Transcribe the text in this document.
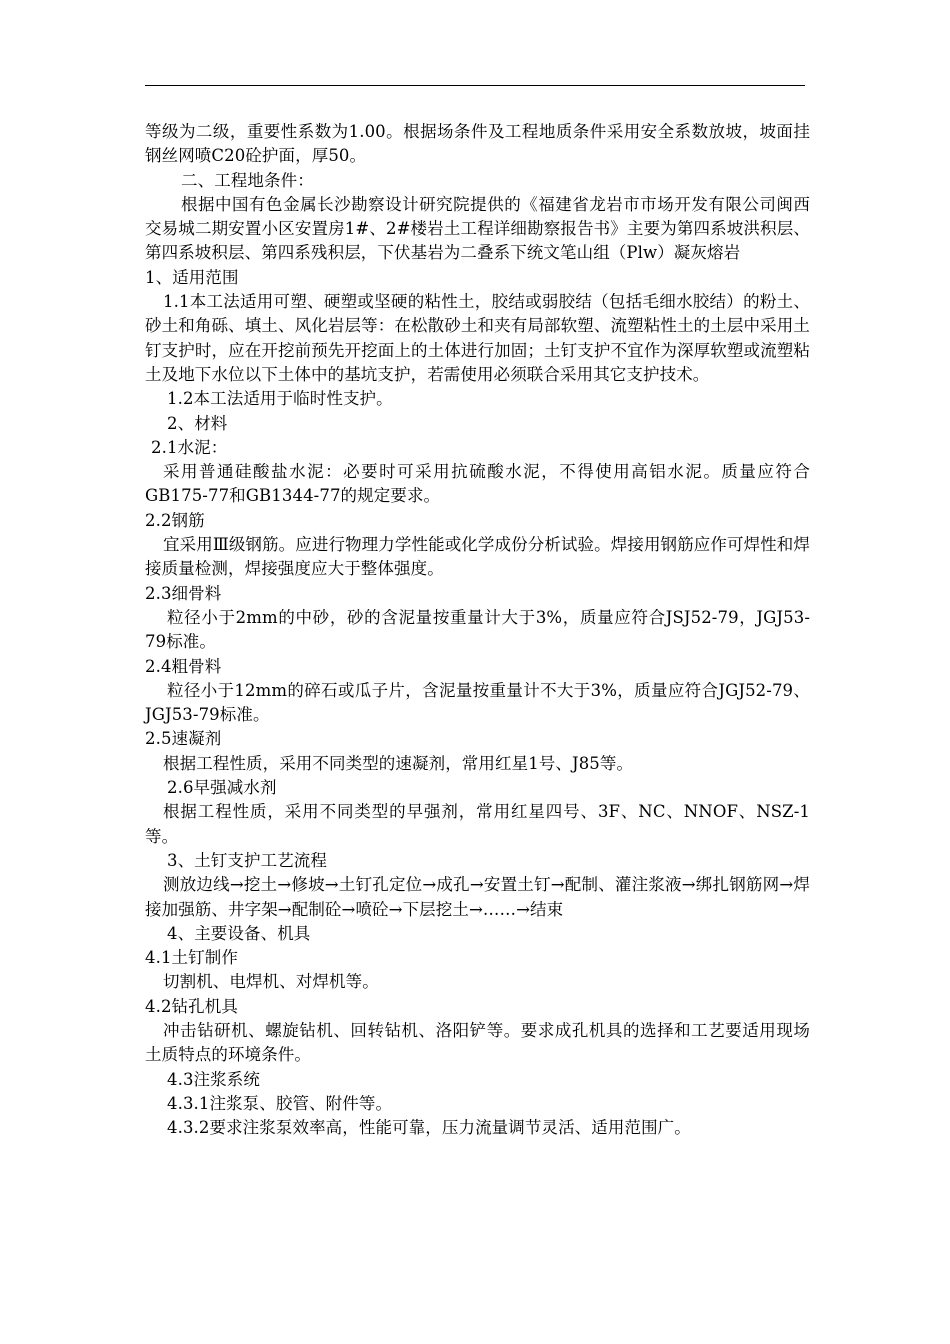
等级为二级，重要性系数为1.00。根据场条件及工程地质条件采用安全系数放坡，坡面挂钢丝网喷C20砼护面，厚50。

二、工程地条件：

根据中国有色金属长沙勘察设计研究院提供的《福建省龙岩市市场开发有限公司闽西交易城二期安置小区安置房1#、2#楼岩土工程详细勘察报告书》主要为第四系坡洪积层、第四系坡积层、第四系残积层，下伏基岩为二叠系下统文笔山组（Plw）凝灰熔岩

1、适用范围

1.1本工法适用可塑、硬塑或坚硬的粘性土，胶结或弱胶结（包括毛细水胶结）的粉土、砂土和角砾、填土、风化岩层等：在松散砂土和夹有局部软塑、流塑粘性土的土层中采用土钉支护时，应在开挖前预先开挖面上的土体进行加固；土钉支护不宜作为深厚软塑或流塑粘土及地下水位以下土体中的基坑支护，若需使用必须联合采用其它支护技术。

1.2本工法适用于临时性支护。

2、材料

2.1水泥：

采用普通硅酸盐水泥：必要时可采用抗硫酸水泥，不得使用高铝水泥。质量应符合GB175-77和GB1344-77的规定要求。

2.2钢筋

宜采用Ⅲ级钢筋。应进行物理力学性能或化学成份分析试验。焊接用钢筋应作可焊性和焊接质量检测，焊接强度应大于整体强度。

2.3细骨料

粒径小于2mm的中砂，砂的含泥量按重量计大于3%，质量应符合JSJ52-79，JGJ53-79标准。

2.4粗骨料

粒径小于12mm的碎石或瓜子片，含泥量按重量计不大于3%，质量应符合JGJ52-79、JGJ53-79标准。

2.5速凝剂

根据工程性质，采用不同类型的速凝剂，常用红星1号、J85等。

2.6早强减水剂

根据工程性质，采用不同类型的早强剂，常用红星四号、3F、NC、NNOF、NSZ-1等。

3、土钉支护工艺流程

测放边线→挖土→修坡→土钉孔定位→成孔→安置土钉→配制、灌注浆液→绑扎钢筋网→焊接加强筋、井字架→配制砼→喷砼→下层挖土→……→结束

4、主要设备、机具

4.1土钉制作

切割机、电焊机、对焊机等。

4.2钻孔机具

冲击钻研机、螺旋钻机、回转钻机、洛阳铲等。要求成孔机具的选择和工艺要适用现场土质特点的环境条件。

4.3注浆系统

4.3.1注浆泵、胶管、附件等。

4.3.2要求注浆泵效率高，性能可靠，压力流量调节灵活、适用范围广。
